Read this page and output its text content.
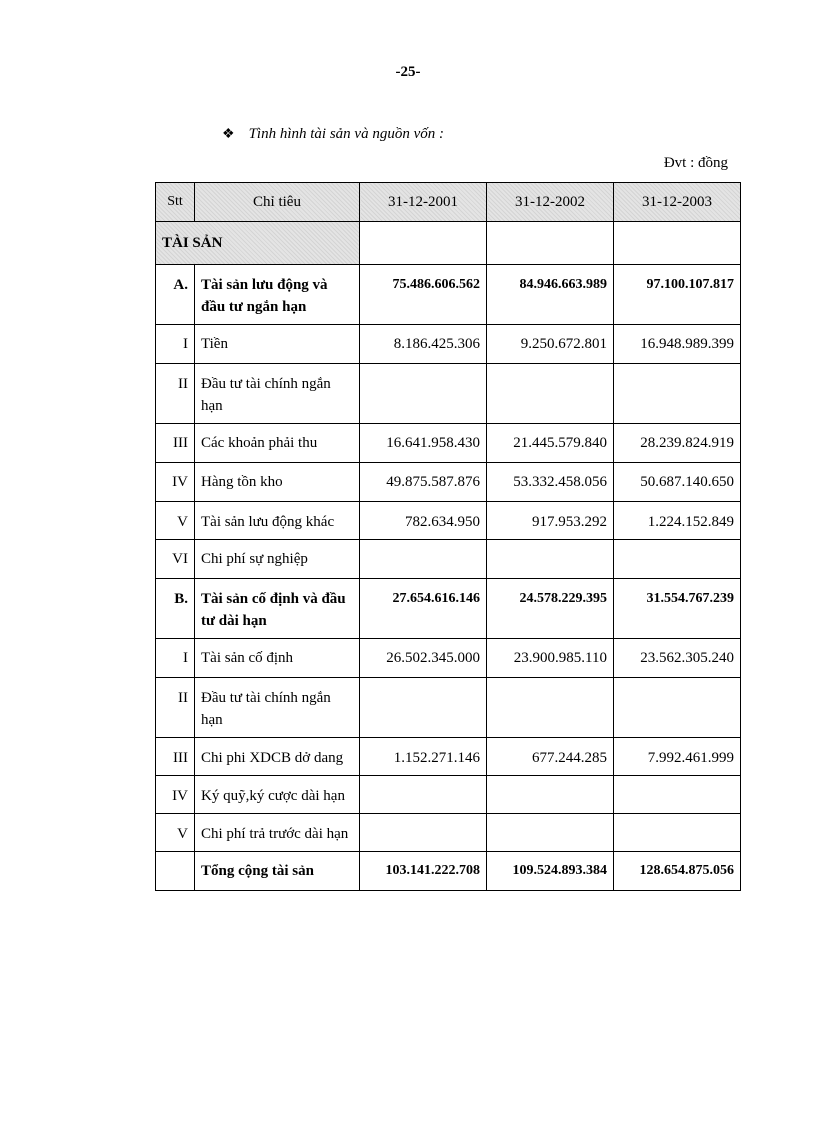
-25-
❖ Tình hình tài sản và nguồn vốn :
Đvt : đồng
Stt	Chỉ tiêu	31-12-2001	31-12-2002	31-12-2003
TÀI SẢN				
A.	Tài sản lưu động và đầu tư ngắn hạn	75.486.606.562	84.946.663.989	97.100.107.817
I	Tiền	8.186.425.306	9.250.672.801	16.948.989.399
II	Đầu tư tài chính ngắn hạn			
III	Các khoản phải thu	16.641.958.430	21.445.579.840	28.239.824.919
IV	Hàng tồn kho	49.875.587.876	53.332.458.056	50.687.140.650
V	Tài sản lưu động khác	782.634.950	917.953.292	1.224.152.849
VI	Chi phí sự nghiệp			
B.	Tài sản cố định và đầu tư dài hạn	27.654.616.146	24.578.229.395	31.554.767.239
I	Tài sản cố định	26.502.345.000	23.900.985.110	23.562.305.240
II	Đầu tư tài chính ngắn hạn			
III	Chi phi XDCB dở dang	1.152.271.146	677.244.285	7.992.461.999
IV	Ký quỹ,ký cược dài hạn			
V	Chi phí trả trước dài hạn			
	Tổng cộng tài sản	103.141.222.708	109.524.893.384	128.654.875.056
